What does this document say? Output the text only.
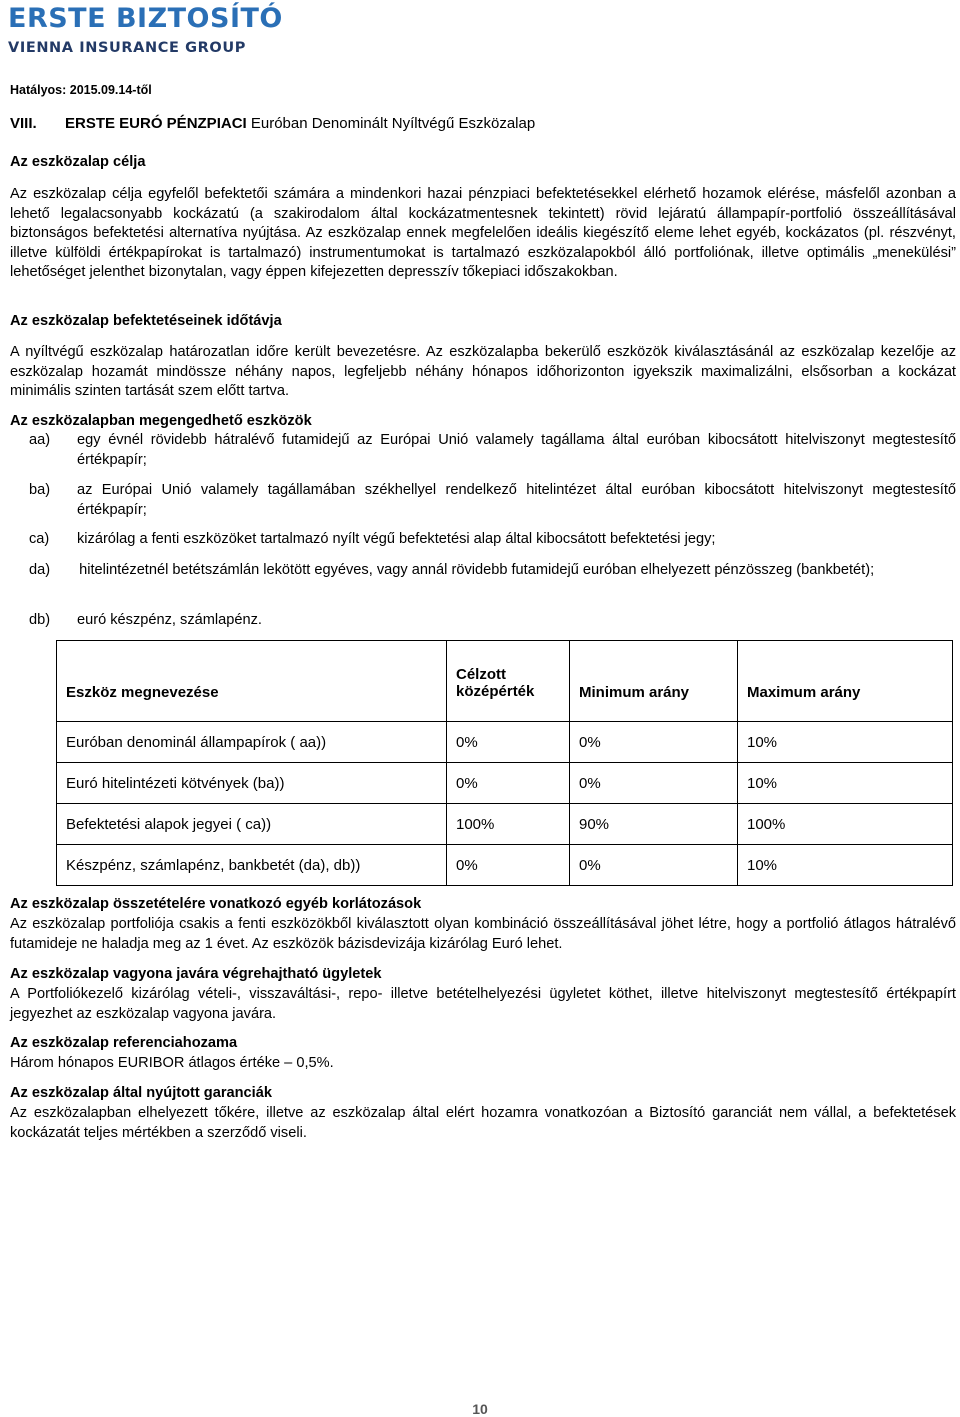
ERSTE BIZTOSÍTÓ
VIENNA INSURANCE GROUP
Hatályos: 2015.09.14-től
VIII. ERSTE EURÓ PÉNZPIACI Euróban Denominált Nyíltvégű Eszközalap
Az eszközalap célja
Az eszközalap célja egyfelől befektetői számára a mindenkori hazai pénzpiaci befektetésekkel elérhető hozamok elérése, másfelől azonban a lehető legalacsonyabb kockázatú (a szakirodalom által kockázatmentesnek tekintett) rövid lejáratú állampapír-portfolió összeállításával biztonságos befektetési alternatíva nyújtása. Az eszközalap ennek megfelelően ideális kiegészítő eleme lehet egyéb, kockázatos (pl. részvényt, illetve külföldi értékpapírokat is tartalmazó) instrumentumokat is tartalmazó eszközalapokból álló portfoliónak, illetve optimális „menekülési” lehetőséget jelenthet bizonytalan, vagy éppen kifejezetten depresszív tőkepiaci időszakokban.
Az eszközalap befektetéseinek időtávja
A nyíltvégű eszközalap határozatlan időre került bevezetésre. Az eszközalapba bekerülő eszközök kiválasztásánál az eszközalap kezelője az eszközalap hozamát mindössze néhány napos, legfeljebb néhány hónapos időhorizonton igyekszik maximalizálni, elsősorban a kockázat minimális szinten tartását szem előtt tartva.
Az eszközalapban megengedhető eszközök
aa) egy évnél rövidebb hátralévő futamidejű az Európai Unió valamely tagállama által euróban kibocsátott hitelviszonyt megtestesítő értékpapír;
ba) az Európai Unió valamely tagállamában székhellyel rendelkező hitelintézet által euróban kibocsátott hitelviszonyt megtestesítő értékpapír;
ca) kizárólag a fenti eszközöket tartalmazó nyílt végű befektetési alap által kibocsátott befektetési jegy;
da) hitelintézetnél betétszámlán lekötött egyéves, vagy annál rövidebb futamidejű euróban elhelyezett pénzösszeg (bankbetét);
db) euró készpénz, számlapénz.
Eszköz megnevezése	Célzott középérték	Minimum arány	Maximum arány
Euróban denominál állampapírok ( aa))	0%	0%	10%
Euró hitelintézeti kötvények (ba))	0%	0%	10%
Befektetési alapok jegyei ( ca))	100%	90%	100%
Készpénz, számlapénz, bankbetét (da), db))	0%	0%	10%
Az eszközalap összetételére vonatkozó egyéb korlátozások
Az eszközalap portfoliója csakis a fenti eszközökből kiválasztott olyan kombináció összeállításával jöhet létre, hogy a portfolió átlagos hátralévő futamideje ne haladja meg az 1 évet. Az eszközök bázisdevizája kizárólag Euró lehet.
Az eszközalap vagyona javára végrehajtható ügyletek
A Portfoliókezelő kizárólag vételi-, visszaváltási-, repo- illetve betételhelyezési ügyletet köthet, illetve hitelviszonyt megtestesítő értékpapírt jegyezhet az eszközalap vagyona javára.
Az eszközalap referenciahozama
Három hónapos EURIBOR átlagos értéke – 0,5%.
Az eszközalap által nyújtott garanciák
Az eszközalapban elhelyezett tőkére, illetve az eszközalap által elért hozamra vonatkozóan a Biztosító garanciát nem vállal, a befektetések kockázatát teljes mértékben a szerződő viseli.
10
